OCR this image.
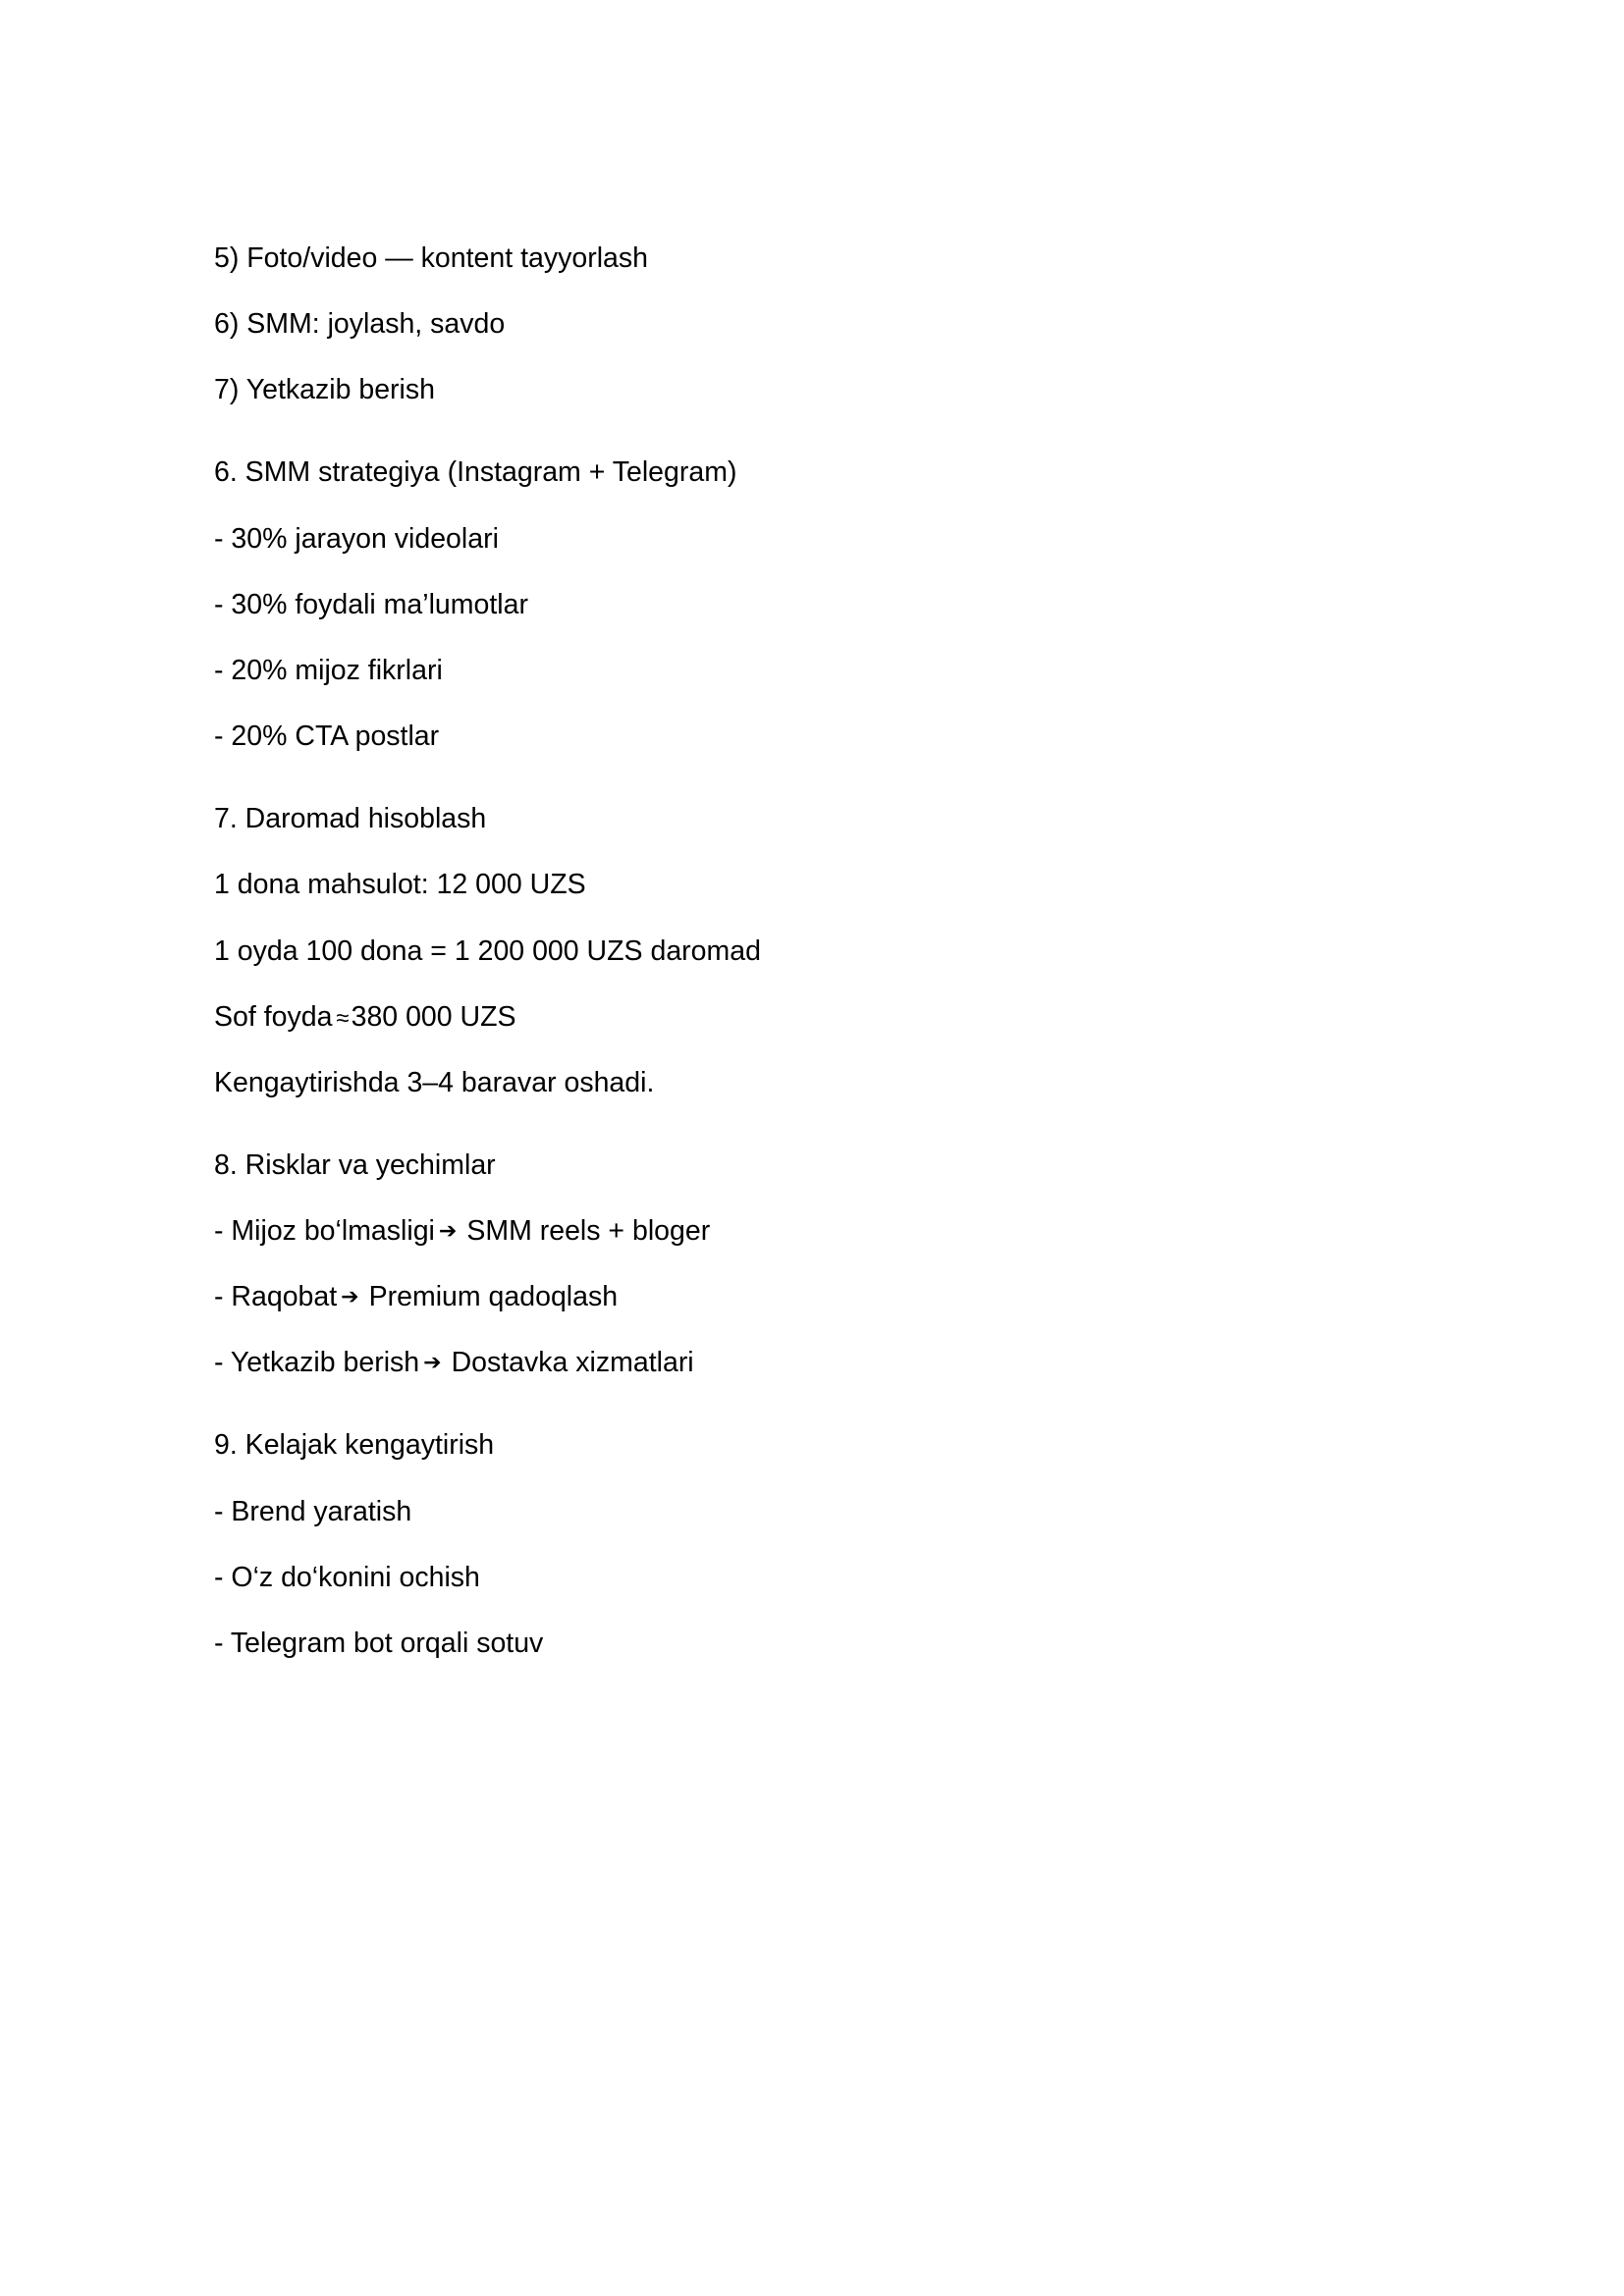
5) Foto/video — kontent tayyorlash
6) SMM: joylash, savdo
7) Yetkazib berish
6. SMM strategiya (Instagram + Telegram)
- 30% jarayon videolari
- 30% foydali ma’lumotlar
- 20% mijoz fikrlari
- 20% CTA postlar
7. Daromad hisoblash
1 dona mahsulot: 12 000 UZS
1 oyda 100 dona = 1 200 000 UZS daromad
Sof foyda ≈380 000 UZS
Kengaytirishda 3–4 baravar oshadi.
8. Risklar va yechimlar
- Mijoz bo‘lmasligi ➔ SMM reels + bloger
- Raqobat ➔ Premium qadoqlash
- Yetkazib berish ➔ Dostavka xizmatlari
9. Kelajak kengaytirish
- Brend yaratish
- O‘z do‘konini ochish
- Telegram bot orqali sotuv
